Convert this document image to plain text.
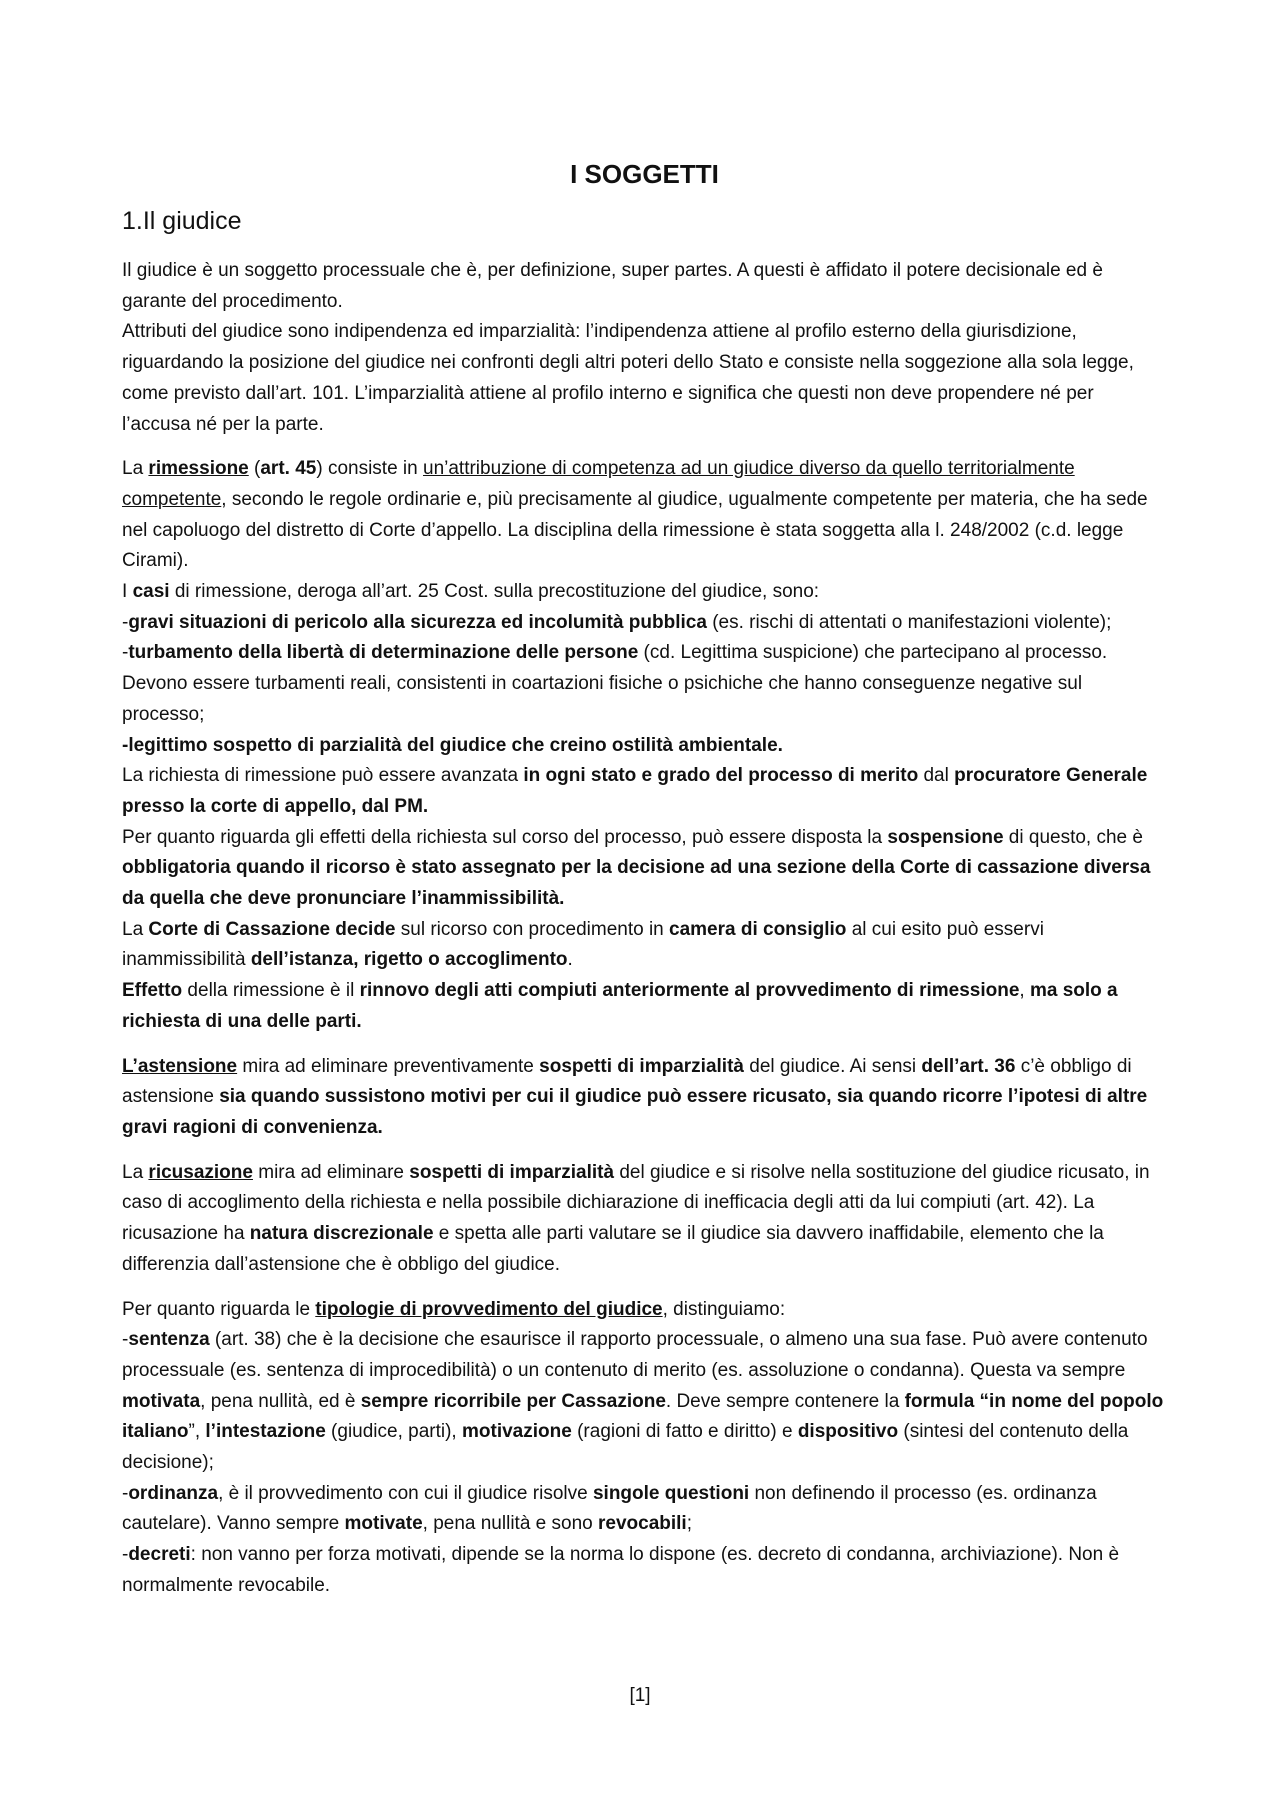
I SOGGETTI
1.Il giudice

Il giudice è un soggetto processuale che è, per definizione, super partes. A questi è affidato il potere decisionale ed è garante del procedimento.
Attributi del giudice sono indipendenza ed imparzialità: l’indipendenza attiene al profilo esterno della giurisdizione, riguardando la posizione del giudice nei confronti degli altri poteri dello Stato e consiste nella soggezione alla sola legge, come previsto dall’art. 101. L’imparzialità attiene al profilo interno e significa che questi non deve propendere né per l’accusa né per la parte.

La rimessione (art. 45) consiste in un’attribuzione di competenza ad un giudice diverso da quello territorialmente competente, secondo le regole ordinarie e, più precisamente al giudice, ugualmente competente per materia, che ha sede nel capoluogo del distretto di Corte d’appello. La disciplina della rimessione è stata soggetta alla l. 248/2002 (c.d. legge Cirami).
I casi di rimessione, deroga all’art. 25 Cost. sulla precostituzione del giudice, sono:
-gravi situazioni di pericolo alla sicurezza ed incolumità pubblica (es. rischi di attentati o manifestazioni violente);
-turbamento della libertà di determinazione delle persone (cd. Legittima suspicione) che partecipano al processo. Devono essere turbamenti reali, consistenti in coartazioni fisiche o psichiche che hanno conseguenze negative sul processo;
-legittimo sospetto di parzialità del giudice che creino ostilità ambientale.
La richiesta di rimessione può essere avanzata in ogni stato e grado del processo di merito dal procuratore Generale presso la corte di appello, dal PM.
Per quanto riguarda gli effetti della richiesta sul corso del processo, può essere disposta la sospensione di questo, che è obbligatoria quando il ricorso è stato assegnato per la decisione ad una sezione della Corte di cassazione diversa da quella che deve pronunciare l’inammissibilità.
La Corte di Cassazione decide sul ricorso con procedimento in camera di consiglio al cui esito può esservi inammissibilità dell’istanza, rigetto o accoglimento.
Effetto della rimessione è il rinnovo degli atti compiuti anteriormente al provvedimento di rimessione, ma solo a richiesta di una delle parti.

L’astensione mira ad eliminare preventivamente sospetti di imparzialità del giudice. Ai sensi dell’art. 36 c’è obbligo di astensione sia quando sussistono motivi per cui il giudice può essere ricusato, sia quando ricorre l’ipotesi di altre gravi ragioni di convenienza.

La ricusazione mira ad eliminare sospetti di imparzialità del giudice e si risolve nella sostituzione del giudice ricusato, in caso di accoglimento della richiesta e nella possibile dichiarazione di inefficacia degli atti da lui compiuti (art. 42). La ricusazione ha natura discrezionale e spetta alle parti valutare se il giudice sia davvero inaffidabile, elemento che la differenzia dall’astensione che è obbligo del giudice.

Per quanto riguarda le tipologie di provvedimento del giudice, distinguiamo:
-sentenza (art. 38) che è la decisione che esaurisce il rapporto processuale, o almeno una sua fase. Può avere contenuto processuale (es. sentenza di improcedibilità) o un contenuto di merito (es. assoluzione o condanna). Questa va sempre motivata, pena nullità, ed è sempre ricorribile per Cassazione. Deve sempre contenere la formula “in nome del popolo italiano”, l’intestazione (giudice, parti), motivazione (ragioni di fatto e diritto) e dispositivo (sintesi del contenuto della decisione);
-ordinanza, è il provvedimento con cui il giudice risolve singole questioni non definendo il processo (es. ordinanza cautelare). Vanno sempre motivate, pena nullità e sono revocabili;
-decreti: non vanno per forza motivati, dipende se la norma lo dispone (es. decreto di condanna, archiviazione). Non è normalmente revocabile.

[1]
